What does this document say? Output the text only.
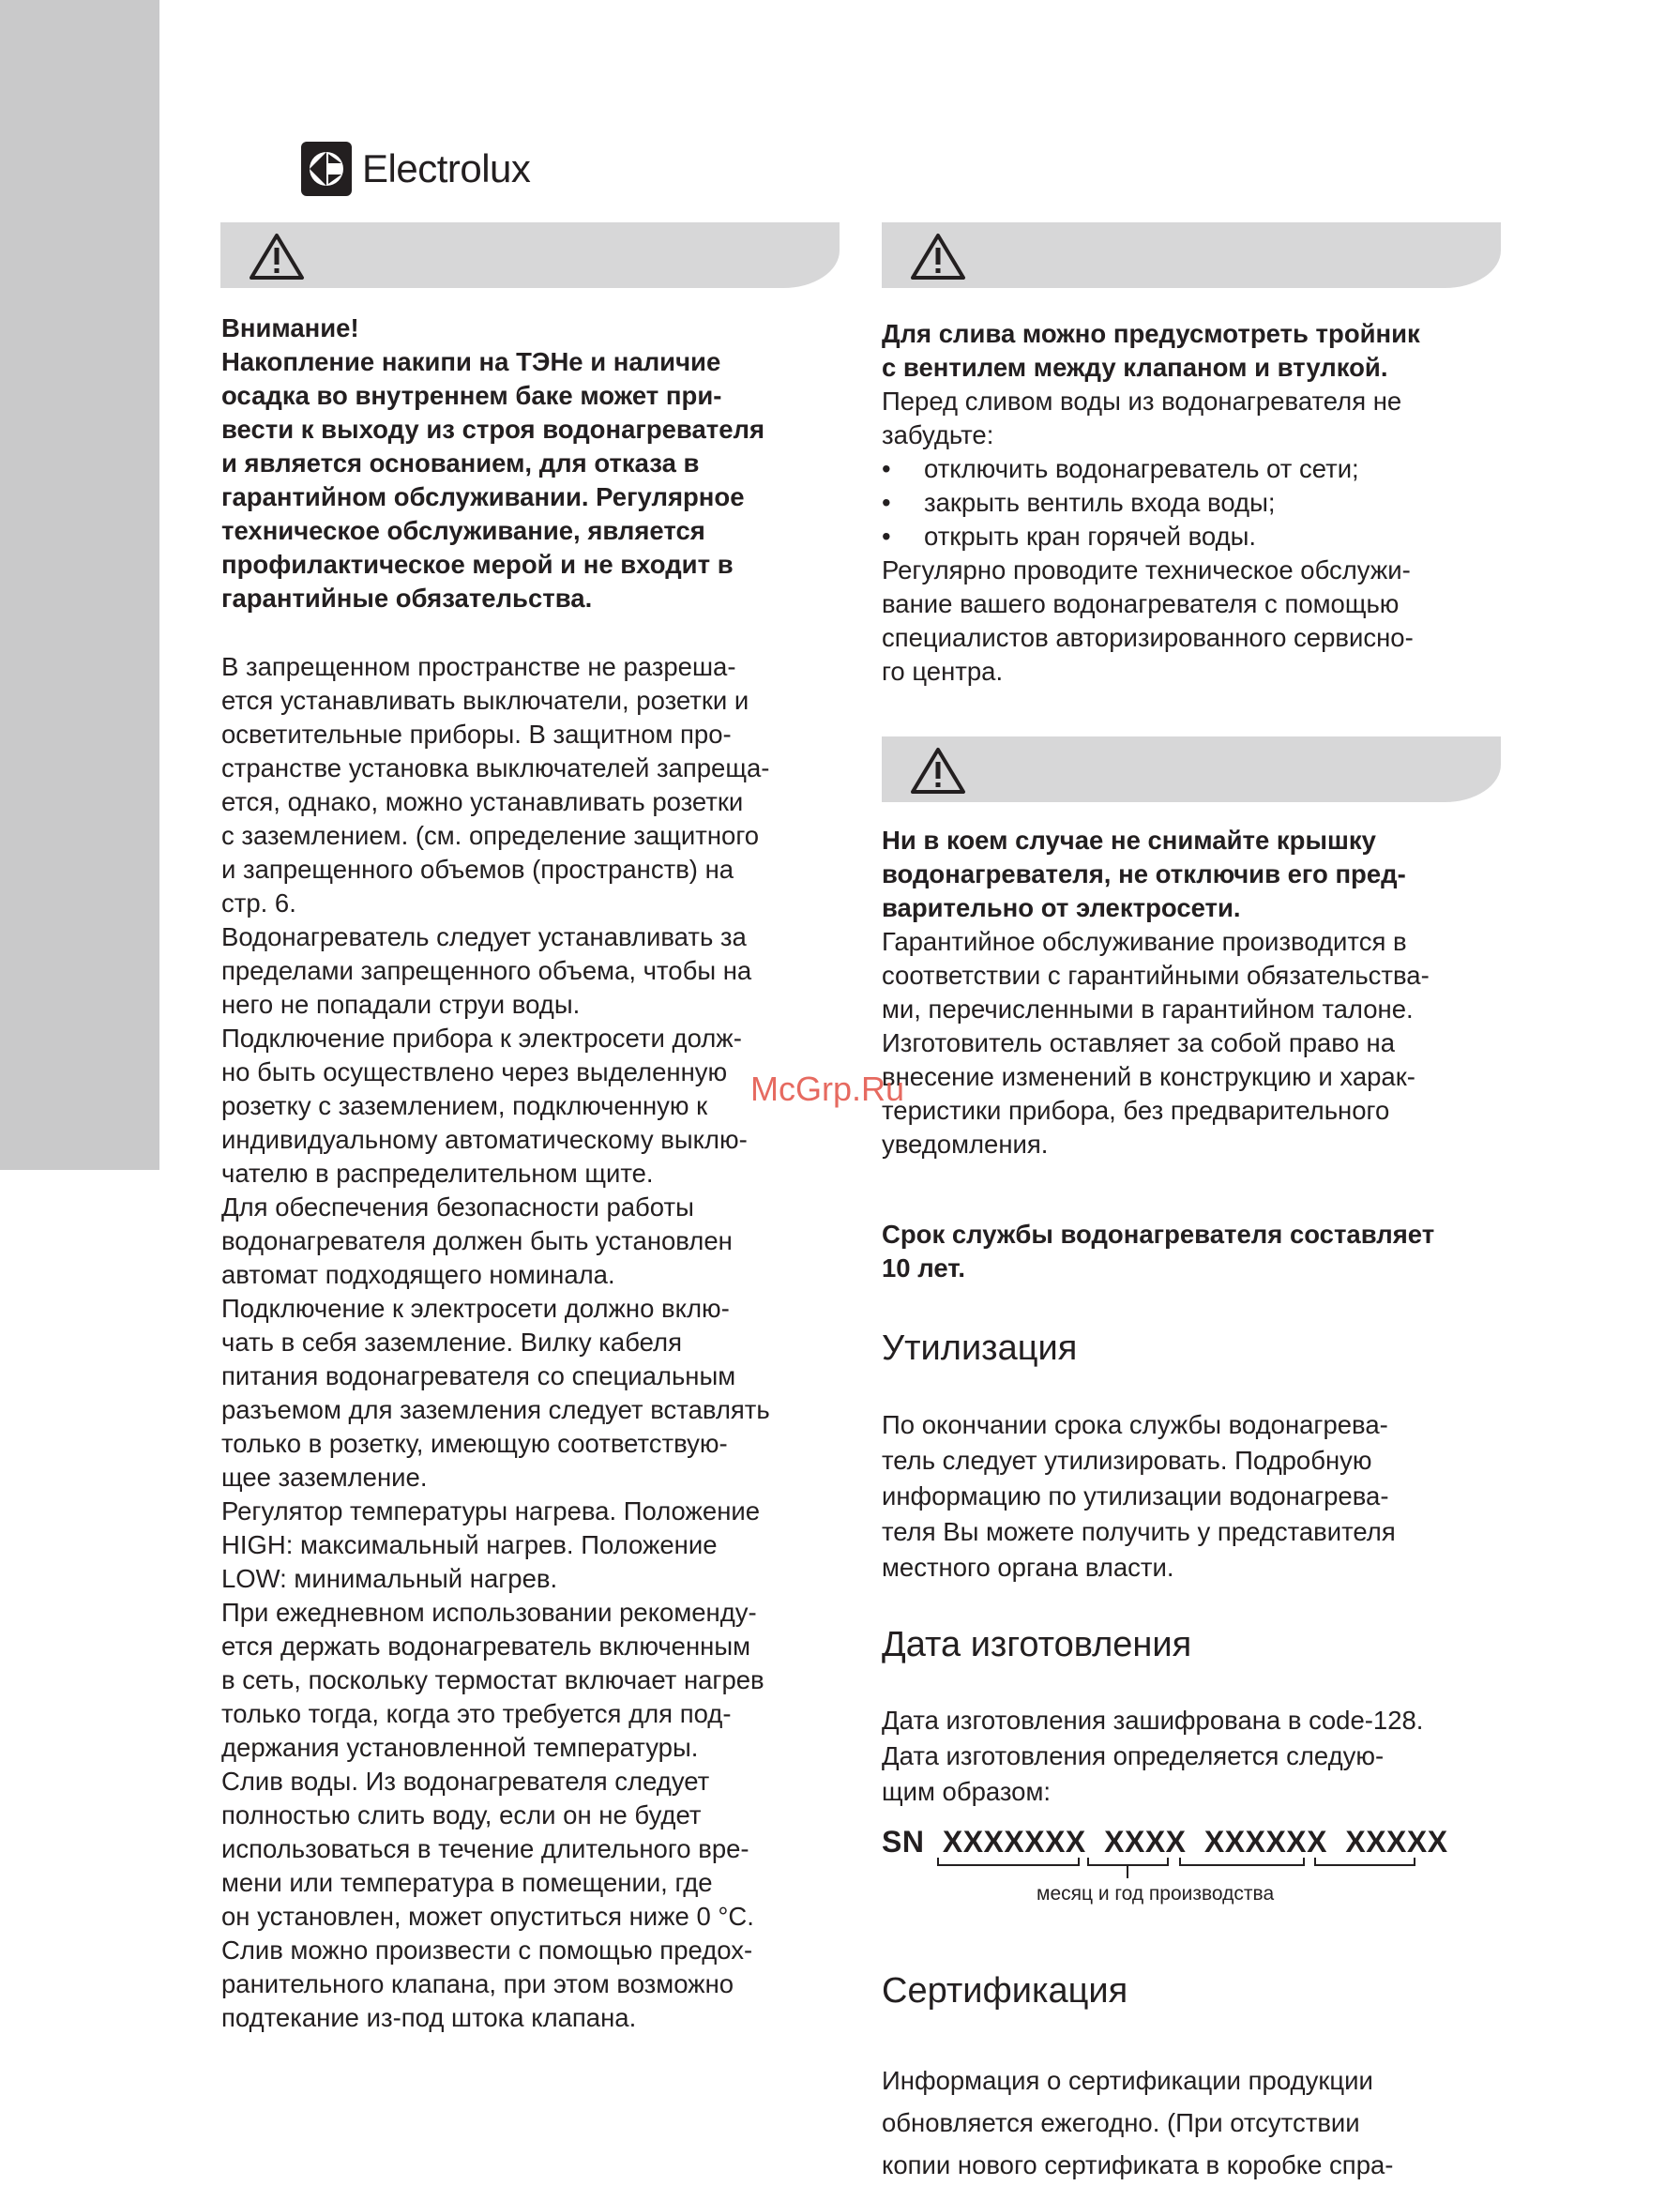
Electrolux

Внимание!

Накопление накипи на ТЭНе и наличие

осадка во внутреннем баке может при-

вести к выходу из строя водонагревателя

и является основанием, для отказа в

гарантийном обслуживании. Регулярное

техническое обслуживание, является

профилактическое мерой и не входит в

гарантийные обязательства.

В запрещенном пространстве не разреша-

ется устанавливать выключатели, розетки и

осветительные приборы. В защитном про-

странстве установка выключателей запреща-

ется, однако, можно устанавливать розетки

с заземлением. (см. определение защитного

и запрещенного объемов (пространств) на

стр. 6.

Водонагреватель следует устанавливать за

пределами запрещенного объема, чтобы на

него не попадали струи воды.

Подключение прибора к электросети долж-

но быть осуществлено через выделенную

розетку с заземлением, подключенную к

индивидуальному автоматическому выклю-

чателю в распределительном щите.

Для обеспечения безопасности работы

водонагревателя должен быть установлен

автомат подходящего номинала.

Подключение к электросети должно вклю-

чать в себя заземление. Вилку кабеля

питания водонагревателя со специальным

разъемом для заземления следует вставлять

только в розетку, имеющую соответствую-

щее заземление.

Регулятор температуры нагрева. Положение

HIGH: максимальный нагрев. Положение

LOW: минимальный нагрев.

При ежедневном использовании рекоменду-

ется держать водонагреватель включенным

в сеть, поскольку термостат включает нагрев

только тогда, когда это требуется для под-

держания установленной температуры.

Слив воды. Из водонагревателя следует

полностью слить воду, если он не будет

использоваться в течение длительного вре-

мени или температура в помещении, где

он установлен, может опуститься ниже 0 °C.

Слив можно произвести с помощью предох-

ранительного клапана, при этом возможно

подтекание из-под штока клапана.

Для слива можно предусмотреть тройник

с вентилем между клапаном и втулкой.

Перед сливом воды из водонагревателя не

забудьте:

•	отключить водонагреватель от сети;
•	закрыть вентиль входа воды;
•	открыть кран горячей воды.

Регулярно проводите техническое обслужи-

вание вашего водонагревателя с помощью

специалистов авторизированного сервисно-

го центра.

Ни в коем случае не снимайте крышку

водонагревателя, не отключив его пред-

варительно от электросети.

Гарантийное обслуживание производится в

соответствии с гарантийными обязательства-

ми, перечисленными в гарантийном талоне.

Изготовитель оставляет за собой право на

внесение изменений в конструкцию и харак-

теристики прибора, без предварительного

уведомления.

Срок службы водонагревателя составляет

10 лет.

Утилизация

По окончании срока службы водонагрева-

тель следует утилизировать. Подробную

информацию по утилизации водонагрева-

теля Вы можете получить у представителя

местного органа власти.

Дата изготовления

Дата изготовления зашифрована в code-128.

Дата изготовления определяется следую-

щим образом:

SN XXXXXXX XXXX XXXXXX XXXXX
месяц и год производства
Сертификация

Информация о сертификации продукции

обновляется ежегодно. (При отсутствии

копии нового сертификата в коробке спра-

McGrp.Ru
